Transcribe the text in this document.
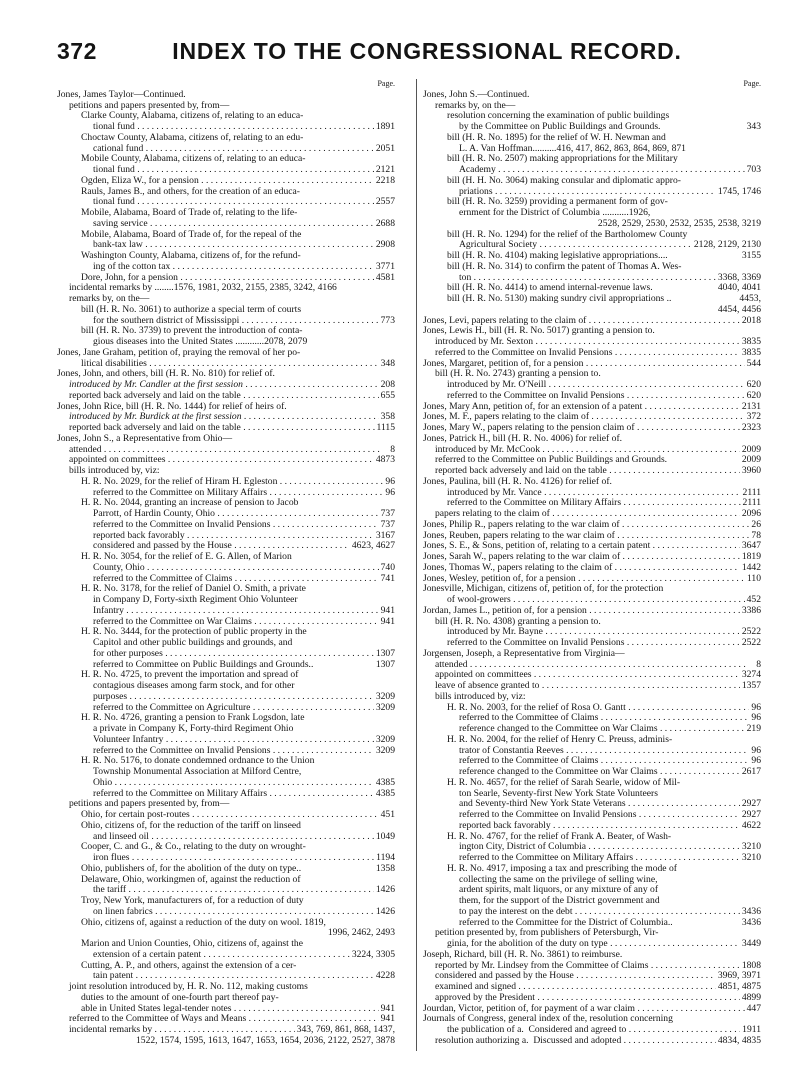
372	INDEX TO THE CONGRESSIONAL RECORD.
Page.
Jones, James Taylor—Continued.
petitions and papers presented by, from—
Clarke County, Alabama, citizens of, relating to an educa-
tional fund . . .	1891
Choctaw County, Alabama, citizens of, relating to an edu-
cational fund . . .	2051
Mobile County, Alabama, citizens of, relating to an educa-
tional fund . . .	2121
Ogden, Eliza W., for a pension . . .	2218
Rauls, James B., and others, for the creation of an educa-
tional fund . . .	2557
Mobile, Alabama, Board of Trade of, relating to the life-
saving service . . .	2688
Mobile, Alabama, Board of Trade of, for the repeal of the
bank-tax law . . .	2908
Washington County, Alabama, citizens of, for the refund-
ing of the cotton tax . . .	3771
Dore, John, for a pension . . .	4581
incidental remarks by ........1576, 1981, 2032, 2155, 2385, 3242, 4166
remarks by, on the—
bill (H. R. No. 3061) to authorize a special term of courts
for the southern district of Mississippi . . .	773
bill (H. R. No. 3739) to prevent the introduction of conta-
gious diseases into the United States ............2078, 2079
Jones, Jane Graham, petition of, praying the removal of her po-
litical disabilities . . .	348
Jones, John, and others, bill (H. R. No. 810) for relief of.
introduced by Mr. Candler at the first session . . .	208
reported back adversely and laid on the table . . .	655
Jones, John Rice, bill (H. R. No. 1444) for relief of heirs of.
introduced by Mr. Burdick at the first session . . .	358
reported back adversely and laid on the table . . .	1115
Jones, John S., a Representative from Ohio—
attended . . .	8
appointed on committees . . .	4873
bills introduced by, viz:
H. R. No. 2029, for the relief of Hiram H. Egleston . . .	96
referred to the Committee on Military Affairs . . .	96
H. R. No. 2044, granting an increase of pension to Jacob
Parrott, of Hardin County, Ohio . . .	737
referred to the Committee on Invalid Pensions . . .	737
reported back favorably . . .	3167
considered and passed by the House . . .	4623, 4627
H. R. No. 3054, for the relief of E. G. Allen, of Marion
County, Ohio . . .	740
referred to the Committee of Claims . . .	741
H. R. No. 3178, for the relief of Daniel O. Smith, a private
in Company D, Forty-sixth Regiment Ohio Volunteer
Infantry . . .	941
referred to the Committee on War Claims . . .	941
H. R. No. 3444, for the protection of public property in the
Capitol and other public buildings and grounds, and
for other purposes . . .	1307
referred to Committee on Public Buildings and Grounds..	1307
H. R. No. 4725, to prevent the importation and spread of
contagious diseases among farm stock, and for other
purposes . . .	3209
referred to the Committee on Agriculture . . .	3209
H. R. No. 4726, granting a pension to Frank Logsdon, late
a private in Company K, Forty-third Regiment Ohio
Volunteer Infantry . . .	3209
referred to the Committee on Invalid Pensions . . .	3209
H. R. No. 5176, to donate condemned ordnance to the Union
Township Monumental Association at Milford Centre,
Ohio . . .	4385
referred to the Committee on Military Affairs . . .	4385
petitions and papers presented by, from—
Ohio, for certain post-routes . . .	451
Ohio, citizens of, for the reduction of the tariff on linseed
and linseed oil . . .	1049
Cooper, C. and G., & Co., relating to the duty on wrought-
iron flues . . .	1194
Ohio, publishers of, for the abolition of the duty on type..	1358
Delaware, Ohio, workingmen of, against the reduction of
the tariff . . .	1426
Troy, New York, manufacturers of, for a reduction of duty
on linen fabrics . . .	1426
Ohio, citizens of, against a reduction of the duty on wool. 1819,
1996, 2462, 2493
Marion and Union Counties, Ohio, citizens of, against the
extension of a certain patent . . .	3224, 3305
Cutting, A. P., and others, against the extension of a cer-
tain patent . . .	4228
joint resolution introduced by, H. R. No. 112, making customs
duties to the amount of one-fourth part thereof pay-
able in United States legal-tender notes . . .	941
referred to the Committee of Ways and Means . . .	941
incidental remarks by . . .	343, 769, 861, 868, 1437,
1522, 1574, 1595, 1613, 1647, 1653, 1654, 2036, 2122, 2527, 3878
Page.
Jones, John S.—Continued.
remarks by, on the—
resolution concerning the examination of public buildings
by the Committee on Public Buildings and Grounds.	343
bill (H. R. No. 1895) for the relief of W. H. Newman and
L. A. Van Hoffman..........416, 417, 862, 863, 864, 869, 871
bill (H. R. No. 2507) making appropriations for the Military
Academy . . .	703
bill (H. H. No. 3064) making consular and diplomatic appro-
priations . . .	1745, 1746
bill (H. R. No. 3259) providing a permanent form of gov-
ernment for the District of Columbia ...........1926,
2528, 2529, 2530, 2532, 2535, 2538, 3219
bill (H. R. No. 1294) for the relief of the Bartholomew County
Agricultural Society . . .	2128, 2129, 2130
bill (H. R. No. 4104) making legislative appropriations....	3155
bill (H. R. No. 314) to confirm the patent of Thomas A. Wes-
ton . . .	3368, 3369
bill (H. R. No. 4414) to amend internal-revenue laws.	4040, 4041
bill (H. R. No. 5130) making sundry civil appropriations ..	4453,
4454, 4456
Jones, Levi, papers relating to the claim of . . .	2018
Jones, Lewis H., bill (H. R. No. 5017) granting a pension to.
introduced by Mr. Sexton . . .	3835
referred to the Committee on Invalid Pensions . . .	3835
Jones, Margaret, petition of, for a pension . . .	544
bill (H. R. No. 2743) granting a pension to.
introduced by Mr. O'Neill . . .	620
referred to the Committee on Invalid Pensions . . .	620
Jones, Mary Ann, petition of, for an extension of a patent . . .	2131
Jones, M. F., papers relating to the claim of . . .	372
Jones, Mary W., papers relating to the pension claim of . . .	2323
Jones, Patrick H., bill (H. R. No. 4006) for relief of.
introduced by Mr. McCook . . .	2009
referred to the Committee on Public Buildings and Grounds.	2009
reported back adversely and laid on the table . . .	3960
Jones, Paulina, bill (H. R. No. 4126) for relief of.
introduced by Mr. Vance . . .	2111
referred to the Committee on Military Affairs . . .	2111
papers relating to the claim of . . .	2096
Jones, Philip R., papers relating to the war claim of . . .	26
Jones, Reuben, papers relating to the war claim of . . .	78
Jones, S. E., & Sons, petition of, relating to a certain patent . . .	3647
Jones, Sarah W., papers relating to the war claim of . . .	1819
Jones, Thomas W., papers relating to the claim of . . .	1442
Jones, Wesley, petition of, for a pension . . .	110
Jonesville, Michigan, citizens of, petition of, for the protection
of wool-growers . . .	452
Jordan, James L., petition of, for a pension . . .	3386
bill (H. R. No. 4308) granting a pension to.
introduced by Mr. Bayne . . .	2522
referred to the Committee on Invalid Pensions . . .	2522
Jorgensen, Joseph, a Representative from Virginia—
attended . . .	8
appointed on committees . . .	3274
leave of absence granted to . . .	1357
bills introduced by, viz:
H. R. No. 2003, for the relief of Rosa O. Gantt . . .	96
referred to the Committee of Claims . . .	96
reference changed to the Committee on War Claims . . .	219
H. R. No. 2004, for the relief of Henry C. Preuss, adminis-
trator of Constantia Reeves . . .	96
referred to the Committee of Claims . . .	96
reference changed to the Committee on War Claims . . .	2617
H. R. No. 4657, for the relief of Sarah Searle, widow of Mil-
ton Searle, Seventy-first New York State Volunteers
and Seventy-third New York State Veterans . . .	2927
referred to the Committee on Invalid Pensions . . .	2927
reported back favorably . . .	4622
H. R. No. 4767, for the relief of Frank A. Beater, of Wash-
ington City, District of Columbia . . .	3210
referred to the Committee on Military Affairs . . .	3210
H. R. No. 4917, imposing a tax and prescribing the mode of
collecting the same on the privilege of selling wine,
ardent spirits, malt liquors, or any mixture of any of
them, for the support of the District government and
to pay the interest on the debt . . .	3436
referred to the Committee for the District of Columbia..	3436
petition presented by, from publishers of Petersburgh, Vir-
ginia, for the abolition of the duty on type . . .	3449
Joseph, Richard, bill (H. R. No. 3861) to reimburse.
reported by Mr. Lindsey from the Committee of Claims . . .	1808
considered and passed by the House . . .	3969, 3971
examined and signed . . .	4851, 4875
approved by the President . . .	4899
Jourdan, Victor, petition of, for payment of a war claim . . .	447
Journals of Congress, general index of the, resolution concerning
the publication of a.  Considered and agreed to . . .	1911
resolution authorizing a.  Discussed and adopted . . .	4834, 4835
